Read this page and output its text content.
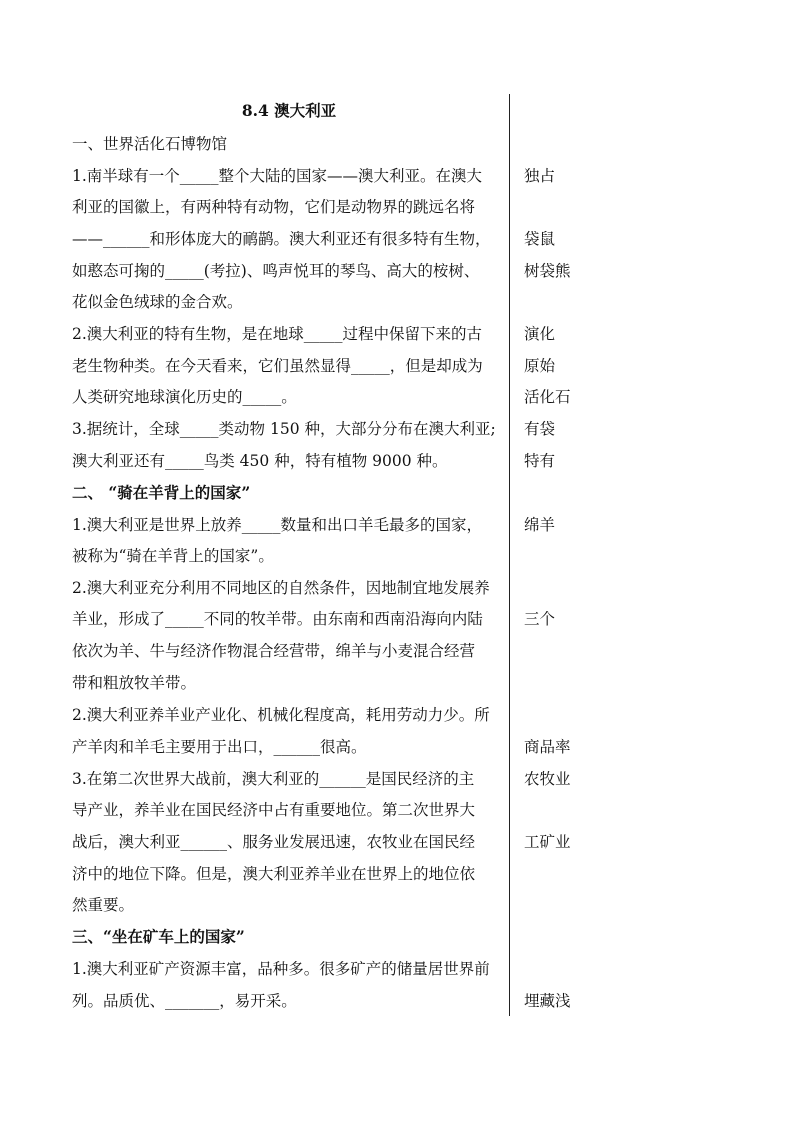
8.4 澳大利亚
一、世界活化石博物馆
1.南半球有一个_____整个大陆的国家——澳大利亚。在澳大
利亚的国徽上，有两种特有动物，它们是动物界的跳远名将
——______和形体庞大的鸸鹋。澳大利亚还有很多特有生物，
如憨态可掬的_____(考拉)、鸣声悦耳的琴鸟、高大的桉树、
花似金色绒球的金合欢。
2.澳大利亚的特有生物，是在地球_____过程中保留下来的古
老生物种类。在今天看来，它们虽然显得_____，但是却成为
人类研究地球演化历史的_____。
3.据统计，全球_____类动物 150 种，大部分分布在澳大利亚;
澳大利亚还有_____鸟类 450 种，特有植物 9000 种。
二、 “骑在羊背上的国家”
1.澳大利亚是世界上放养_____数量和出口羊毛最多的国家，
被称为“骑在羊背上的国家”。
2.澳大利亚充分利用不同地区的自然条件，因地制宜地发展养
羊业，形成了_____不同的牧羊带。由东南和西南沿海向内陆
依次为羊、牛与经济作物混合经营带，绵羊与小麦混合经营
带和粗放牧羊带。
2.澳大利亚养羊业产业化、机械化程度高，耗用劳动力少。所
产羊肉和羊毛主要用于出口，______很高。
3.在第二次世界大战前，澳大利亚的______是国民经济的主
导产业，养羊业在国民经济中占有重要地位。第二次世界大
战后，澳大利亚______、服务业发展迅速，农牧业在国民经
济中的地位下降。但是，澳大利亚养羊业在世界上的地位依
然重要。
三、“坐在矿车上的国家”
1.澳大利亚矿产资源丰富，品种多。很多矿产的储量居世界前
列。品质优、_______，易开采。
独占
袋鼠
树袋熊
演化
原始
活化石
有袋
特有
绵羊
三个
商品率
农牧业
工矿业
埋藏浅
